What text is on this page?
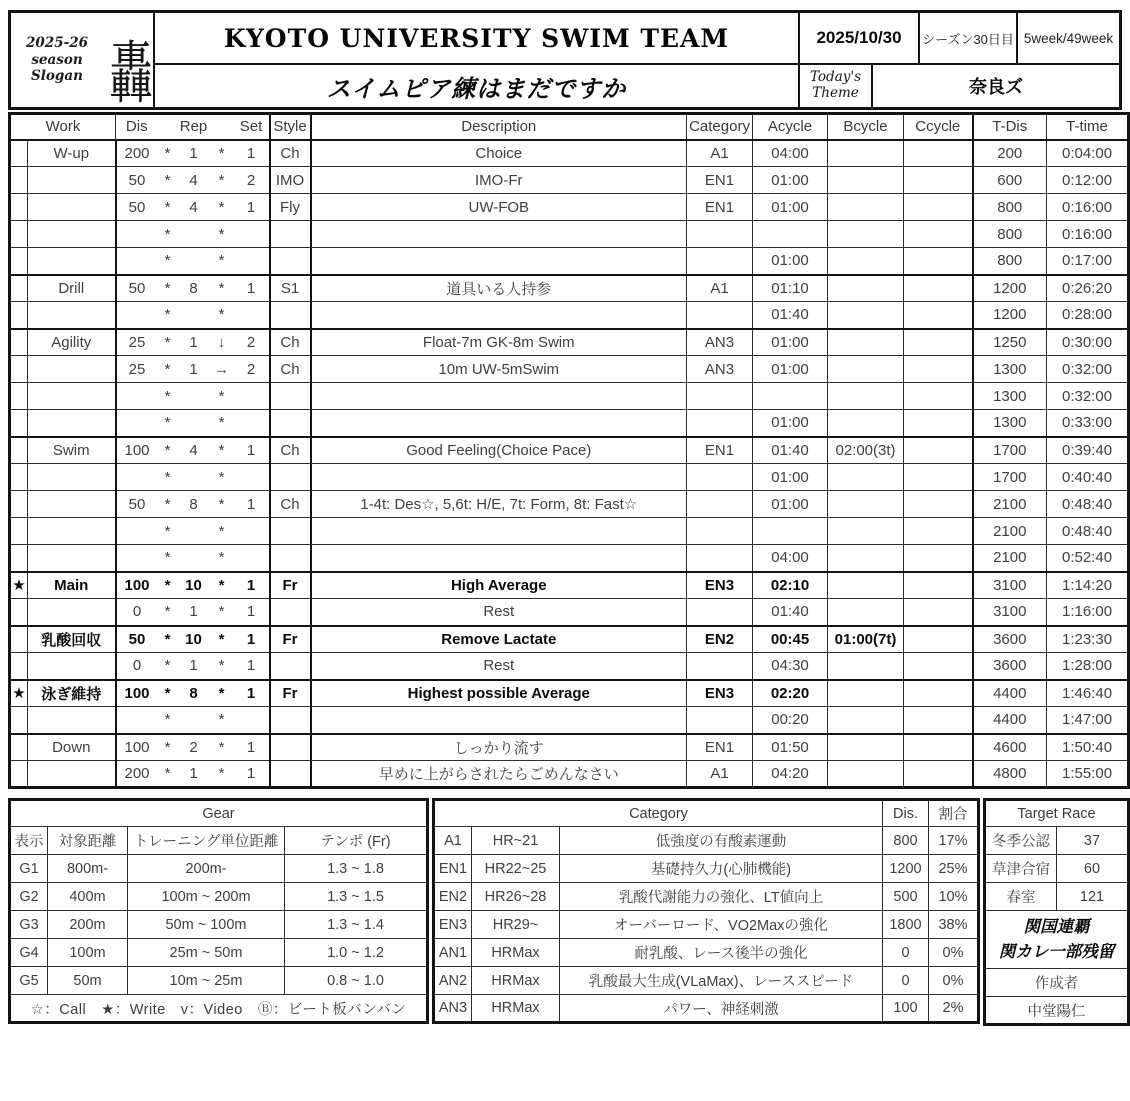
2025-26
season Slogan 轟	KYOTO UNIVERSITY SWIM TEAM	2025/10/30	シーズン30日目 5week/49week
スイムピア練はまだですか	Today's
Theme	奈良ズ
Work		Dis		Rep		Set	Style	Description	Category	Acycle	Bcycle	Ccycle	T-Dis	T-time
	W-up	200	*	1	*	1	Ch	Choice	A1	04:00			200	0:04:00
		50	*	4	*	2	IMO	IMO-Fr	EN1	01:00			600	0:12:00
		50	*	4	*	1	Fly	UW-FOB	EN1	01:00			800	0:16:00
			*		*								800	0:16:00
			*		*					01:00			800	0:17:00
	Drill	50	*	8	*	1	S1	道具いる人持参	A1	01:10			1200	0:26:20
			*		*					01:40			1200	0:28:00
	Agility	25	*	1	↓	2	Ch	Float-7m GK-8m Swim	AN3	01:00			1250	0:30:00
		25	*	1	→	2	Ch	10m UW-5mSwim	AN3	01:00			1300	0:32:00
			*		*								1300	0:32:00
			*		*					01:00			1300	0:33:00
	Swim	100	*	4	*	1	Ch	Good Feeling(Choice Pace)	EN1	01:40	02:00(3t)		1700	0:39:40
			*		*					01:00			1700	0:40:40
		50	*	8	*	1	Ch	1-4t: Des☆, 5,6t: H/E, 7t: Form, 8t: Fast☆		01:00			2100	0:48:40
			*		*								2100	0:48:40
			*		*					04:00			2100	0:52:40
★	Main	100	*	10	*	1	Fr	High Average	EN3	02:10			3100	1:14:20
		0	*	1	*	1		Rest		01:40			3100	1:16:00
	乳酸回収	50	*	10	*	1	Fr	Remove Lactate	EN2	00:45	01:00(7t)		3600	1:23:30
		0	*	1	*	1		Rest		04:30			3600	1:28:00
★	泳ぎ維持	100	*	8	*	1	Fr	Highest possible Average	EN3	02:20			4400	1:46:40
			*		*					00:20			4400	1:47:00
	Down	100	*	2	*	1		しっかり流す	EN1	01:50			4600	1:50:40
		200	*	1	*	1		早めに上がらされたらごめんなさい	A1	04:20			4800	1:55:00
Gear			
表示	対象距離	トレーニング単位距離	テンポ (Fr)
G1	800m-	200m-	1.3 ~ 1.8
G2	400m	100m ~ 200m	1.3 ~ 1.5
G3	200m	50m ~ 100m	1.3 ~ 1.4
G4	100m	25m ~ 50m	1.0 ~ 1.2
G5	50m	10m ~ 25m	0.8 ~ 1.0
☆：Call　★：Write　v：Video　Ⓑ：ビート板バンバン			
Category			Dis.	割合
A1	HR~21	低強度の有酸素運動	800	17%
EN1	HR22~25	基礎持久力(心肺機能)	1200	25%
EN2	HR26~28	乳酸代謝能力の強化、LT値向上	500	10%
EN3	HR29~	オーバーロード、VO2Maxの強化	1800	38%
AN1	HRMax	耐乳酸、レース後半の強化	0	0%
AN2	HRMax	乳酸最大生成(VLaMax)、レーススピード	0	0%
AN3	HRMax	パワー、神経刺激	100	2%
Target Race	
冬季公認	37
草津合宿	60
春室	121

関国連覇
関カレ一部残留	

作成者	
中堂陽仁	
